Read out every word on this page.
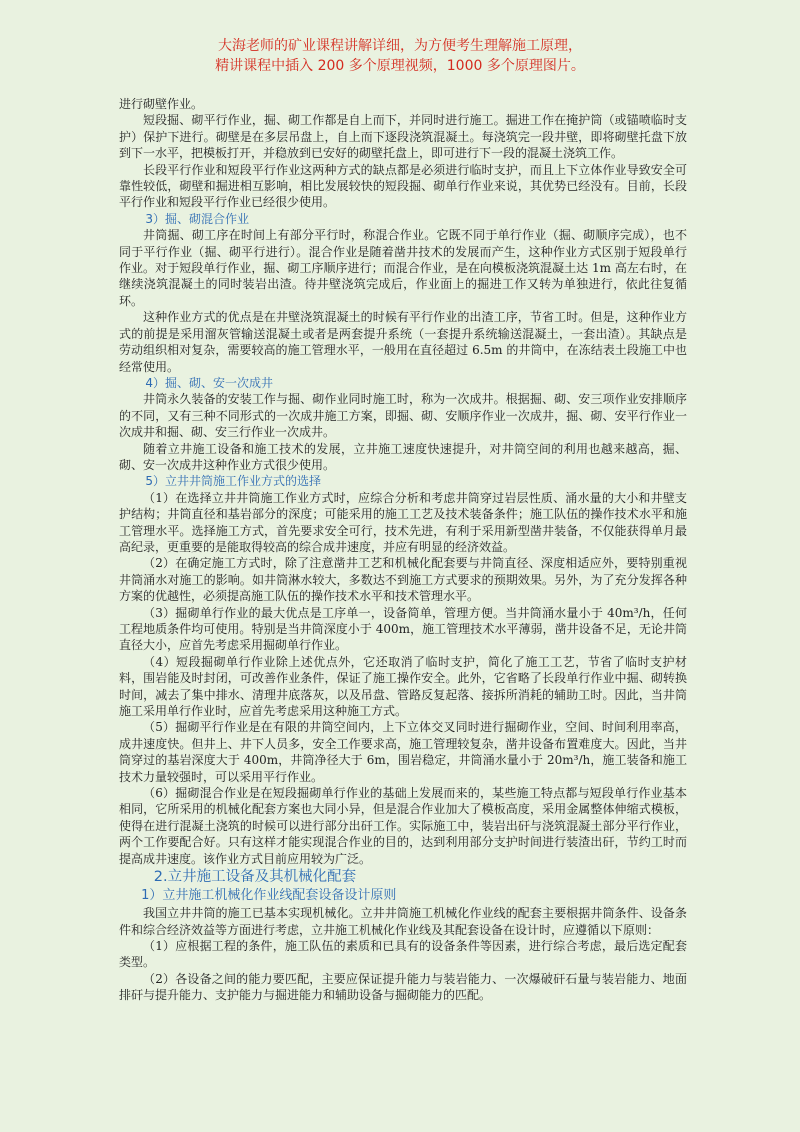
大海老师的矿业课程讲解详细，为方便考生理解施工原理，
精讲课程中插入 200 多个原理视频，1000 多个原理图片。

进行砌壁作业。

短段掘、砌平行作业，掘、砌工作都是自上而下，并同时进行施工。掘进工作在掩护筒（或锚喷临时支护）保护下进行。砌壁是在多层吊盘上，自上而下逐段浇筑混凝土。每浇筑完一段井壁，即将砌壁托盘下放到下一水平，把模板打开，并稳放到已安好的砌壁托盘上，即可进行下一段的混凝土浇筑工作。

长段平行作业和短段平行作业这两种方式的缺点都是必须进行临时支护，而且上下立体作业导致安全可靠性较低，砌壁和掘进相互影响，相比发展较快的短段掘、砌单行作业来说，其优势已经没有。目前，长段平行作业和短段平行作业已经很少使用。

3）掘、砌混合作业

井筒掘、砌工序在时间上有部分平行时，称混合作业。它既不同于单行作业（掘、砌顺序完成），也不同于平行作业（掘、砌平行进行）。混合作业是随着凿井技术的发展而产生，这种作业方式区别于短段单行作业。对于短段单行作业，掘、砌工序顺序进行；而混合作业，是在向模板浇筑混凝土达 1m 高左右时，在继续浇筑混凝土的同时装岩出渣。待井壁浇筑完成后，作业面上的掘进工作又转为单独进行，依此往复循环。

这种作业方式的优点是在井壁浇筑混凝土的时候有平行作业的出渣工序，节省工时。但是，这种作业方式的前提是采用溜灰管输送混凝土或者是两套提升系统（一套提升系统输送混凝土，一套出渣）。其缺点是劳动组织相对复杂，需要较高的施工管理水平，一般用在直径超过 6.5m 的井筒中，在冻结表土段施工中也经常使用。

4）掘、砌、安一次成井

井筒永久装备的安装工作与掘、砌作业同时施工时，称为一次成井。根据掘、砌、安三项作业安排顺序的不同，又有三种不同形式的一次成井施工方案，即掘、砌、安顺序作业一次成井，掘、砌、安平行作业一次成井和掘、砌、安三行作业一次成井。

随着立井施工设备和施工技术的发展，立井施工速度快速提升，对井筒空间的利用也越来越高，掘、砌、安一次成井这种作业方式很少使用。

5）立井井筒施工作业方式的选择

（1）在选择立井井筒施工作业方式时，应综合分析和考虑井筒穿过岩层性质、涌水量的大小和井壁支护结构；井筒直径和基岩部分的深度；可能采用的施工工艺及技术装备条件；施工队伍的操作技术水平和施工管理水平。选择施工方式，首先要求安全可行，技术先进，有利于采用新型凿井装备，不仅能获得单月最高纪录，更重要的是能取得较高的综合成井速度，并应有明显的经济效益。

（2）在确定施工方式时，除了注意凿井工艺和机械化配套要与井筒直径、深度相适应外，要特别重视井筒涌水对施工的影响。如井筒淋水较大，多数达不到施工方式要求的预期效果。另外，为了充分发挥各种方案的优越性，必须提高施工队伍的操作技术水平和技术管理水平。

（3）掘砌单行作业的最大优点是工序单一，设备简单，管理方便。当井筒涌水量小于 40m³/h，任何工程地质条件均可使用。特别是当井筒深度小于 400m，施工管理技术水平薄弱，凿井设备不足，无论井筒直径大小，应首先考虑采用掘砌单行作业。

（4）短段掘砌单行作业除上述优点外，它还取消了临时支护，简化了施工工艺，节省了临时支护材料，围岩能及时封闭，可改善作业条件，保证了施工操作安全。此外，它省略了长段单行作业中掘、砌转换时间，减去了集中排水、清理井底落灰，以及吊盘、管路反复起落、接拆所消耗的辅助工时。因此，当井筒施工采用单行作业时，应首先考虑采用这种施工方式。

（5）掘砌平行作业是在有限的井筒空间内，上下立体交叉同时进行掘砌作业，空间、时间利用率高，成井速度快。但井上、井下人员多，安全工作要求高，施工管理较复杂，凿井设备布置难度大。因此，当井筒穿过的基岩深度大于 400m，井筒净径大于 6m，围岩稳定，井筒涌水量小于 20m³/h，施工装备和施工技术力量较强时，可以采用平行作业。

（6）掘砌混合作业是在短段掘砌单行作业的基础上发展而来的，某些施工特点都与短段单行作业基本相同，它所采用的机械化配套方案也大同小异，但是混合作业加大了模板高度，采用金属整体伸缩式模板，使得在进行混凝土浇筑的时候可以进行部分出矸工作。实际施工中，装岩出矸与浇筑混凝土部分平行作业，两个工作要配合好。只有这样才能实现混合作业的目的，达到利用部分支护时间进行装渣出矸，节约工时而提高成井速度。该作业方式目前应用较为广泛。

2.立井施工设备及其机械化配套

1）立井施工机械化作业线配套设备设计原则

我国立井井筒的施工已基本实现机械化。立井井筒施工机械化作业线的配套主要根据井筒条件、设备条件和综合经济效益等方面进行考虑，立井施工机械化作业线及其配套设备在设计时，应遵循以下原则：

（1）应根据工程的条件，施工队伍的素质和已具有的设备条件等因素，进行综合考虑，最后选定配套类型。

（2）各设备之间的能力要匹配，主要应保证提升能力与装岩能力、一次爆破矸石量与装岩能力、地面排矸与提升能力、支护能力与掘进能力和辅助设备与掘砌能力的匹配。
